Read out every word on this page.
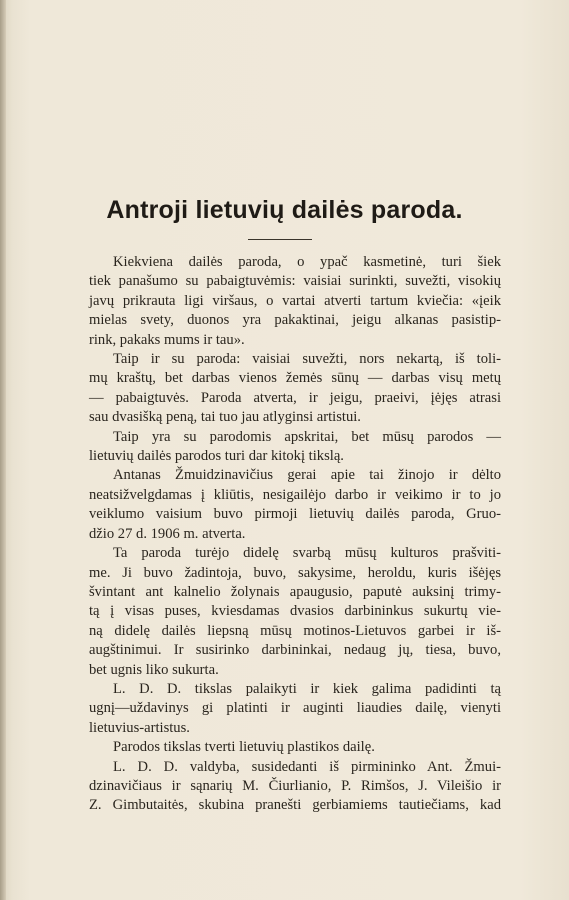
Antroji lietuvių dailės paroda.
Kiekviena dailės paroda, o ypač kasmetinė, turi šiek
tiek panašumo su pabaigtuvėmis: vaisiai surinkti, suvežti, visokių
javų prikrauta ligi viršaus, o vartai atverti tartum kviečia: «įeik
mielas svety, duonos yra pakaktinai, jeigu alkanas pasistip-
rink, pakaks mums ir tau».
Taip ir su paroda: vaisiai suvežti, nors nekartą, iš toli-
mų kraštų, bet darbas vienos žemės sūnų — darbas visų metų
— pabaigtuvės. Paroda atverta, ir jeigu, praeivi, įėjęs atrasi
sau dvasišką peną, tai tuo jau atlyginsi artistui.
Taip yra su parodomis apskritai, bet mūsų parodos —
lietuvių dailės parodos turi dar kitokį tikslą.
Antanas Žmuidzinavičius gerai apie tai žinojo ir dėlto
neatsižvelgdamas į kliūtis, nesigailėjo darbo ir veikimo ir to jo
veiklumo vaisium buvo pirmoji lietuvių dailės paroda, Gruo-
džio 27 d. 1906 m. atverta.
Ta paroda turėjo didelę svarbą mūsų kulturos prašviti-
me. Ji buvo žadintoja, buvo, sakysime, heroldu, kuris išėjęs
švintant ant kalnelio žolynais apaugusio, paputė auksinį trimy-
tą į visas puses, kviesdamas dvasios darbininkus sukurtų vie-
ną didelę dailės liepsną mūsų motinos-Lietuvos garbei ir iš-
augštinimui. Ir susirinko darbininkai, nedaug jų, tiesa, buvo,
bet ugnis liko sukurta.
L. D. D. tikslas palaikyti ir kiek galima padidinti tą
ugnį—uždavinys gi platinti ir auginti liaudies dailę, vienyti
lietuvius-artistus.
Parodos tikslas tverti lietuvių plastikos dailę.
L. D. D. valdyba, susidedanti iš pirmininko Ant. Žmui-
dzinavičiaus ir sąnarių M. Čiurlianio, P. Rimšos, J. Vileišio ir
Z. Gimbutaitės, skubina pranešti gerbiamiems tautiečiams, kad
